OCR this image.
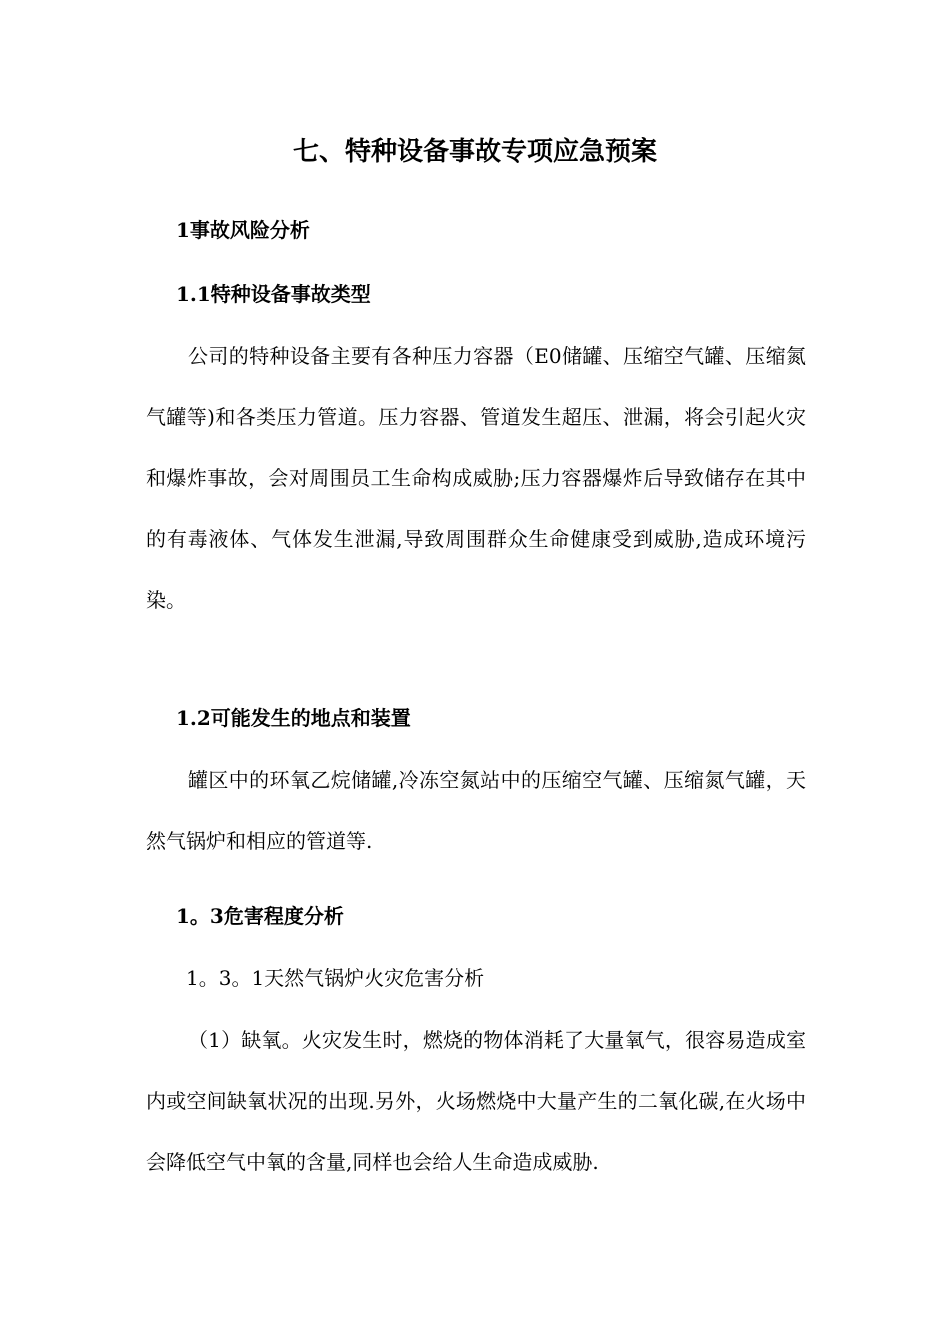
七、特种设备事故专项应急预案
1事故风险分析
1.1特种设备事故类型

公司的特种设备主要有各种压力容器（E0储罐、压缩空气罐、压缩氮气罐等)和各类压力管道。压力容器、管道发生超压、泄漏，将会引起火灾和爆炸事故，会对周围员工生命构成威胁;压力容器爆炸后导致储存在其中的有毒液体、气体发生泄漏,导致周围群众生命健康受到威胁,造成环境污染。

1.2可能发生的地点和装置

罐区中的环氧乙烷储罐,冷冻空氮站中的压缩空气罐、压缩氮气罐，天然气锅炉和相应的管道等.

1。3危害程度分析
1。3。1天然气锅炉火灾危害分析

（1）缺氧。火灾发生时，燃烧的物体消耗了大量氧气，很容易造成室内或空间缺氧状况的出现.另外，火场燃烧中大量产生的二氧化碳,在火场中会降低空气中氧的含量,同样也会给人生命造成威胁.
